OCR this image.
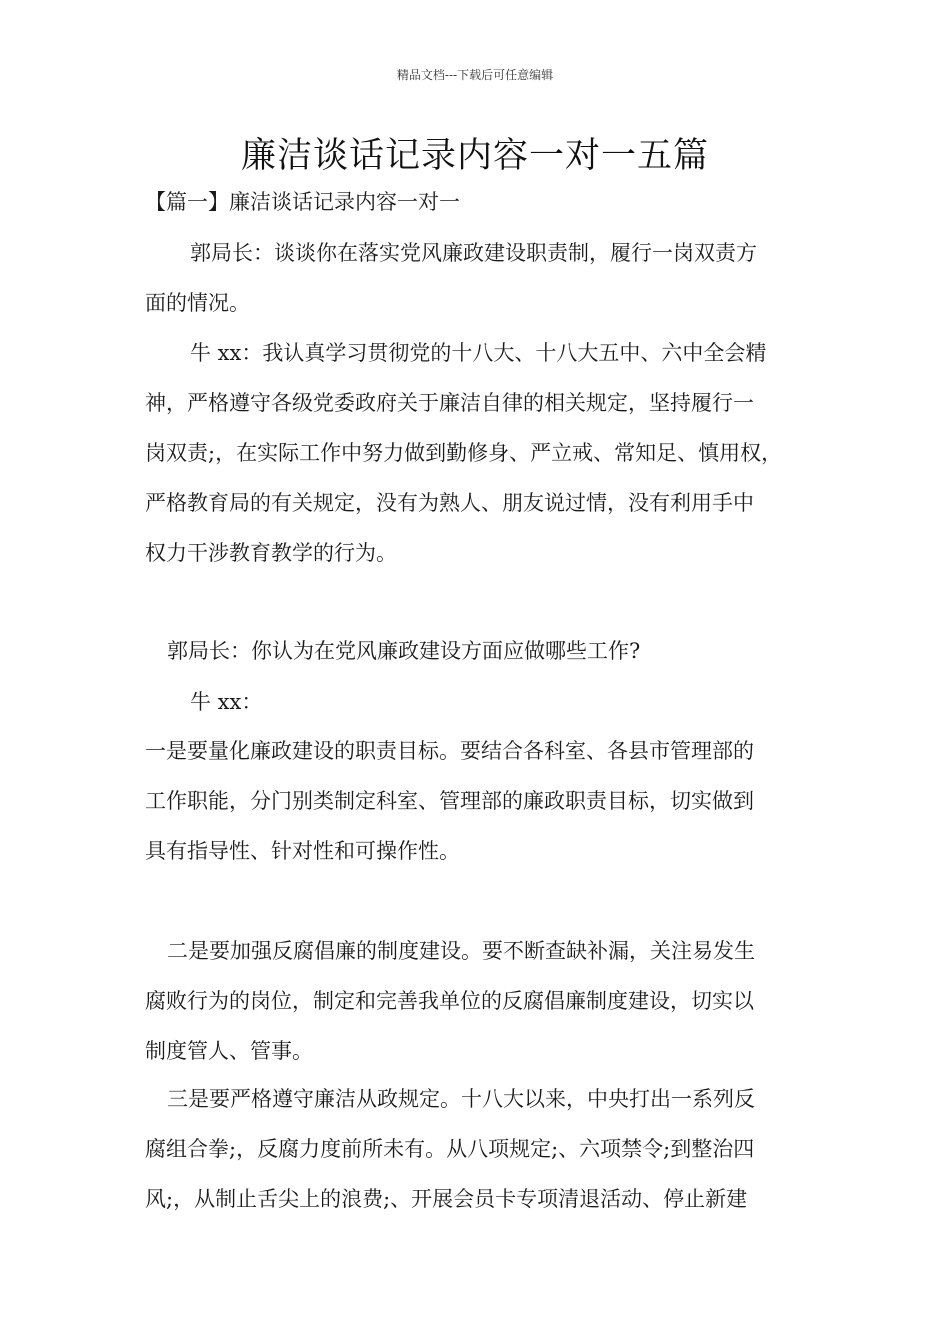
精品文档---下载后可任意编辑
廉洁谈话记录内容一对一五篇
【篇一】廉洁谈话记录内容一对一
郭局长：谈谈你在落实党风廉政建设职责制，履行一岗双责方
面的情况。
牛 xx：我认真学习贯彻党的十八大、十八大五中、六中全会精
神，严格遵守各级党委政府关于廉洁自律的相关规定，坚持履行一
岗双责;，在实际工作中努力做到勤修身、严立戒、常知足、慎用权，
严格教育局的有关规定，没有为熟人、朋友说过情，没有利用手中
权力干涉教育教学的行为。
郭局长：你认为在党风廉政建设方面应做哪些工作?
牛 xx：
一是要量化廉政建设的职责目标。要结合各科室、各县市管理部的
工作职能，分门别类制定科室、管理部的廉政职责目标，切实做到
具有指导性、针对性和可操作性。
二是要加强反腐倡廉的制度建设。要不断查缺补漏，关注易发生
腐败行为的岗位，制定和完善我单位的反腐倡廉制度建设，切实以
制度管人、管事。
三是要严格遵守廉洁从政规定。十八大以来，中央打出一系列反
腐组合拳;，反腐力度前所未有。从八项规定;、六项禁令;到整治四
风;，从制止舌尖上的浪费;、开展会员卡专项清退活动、停止新建
